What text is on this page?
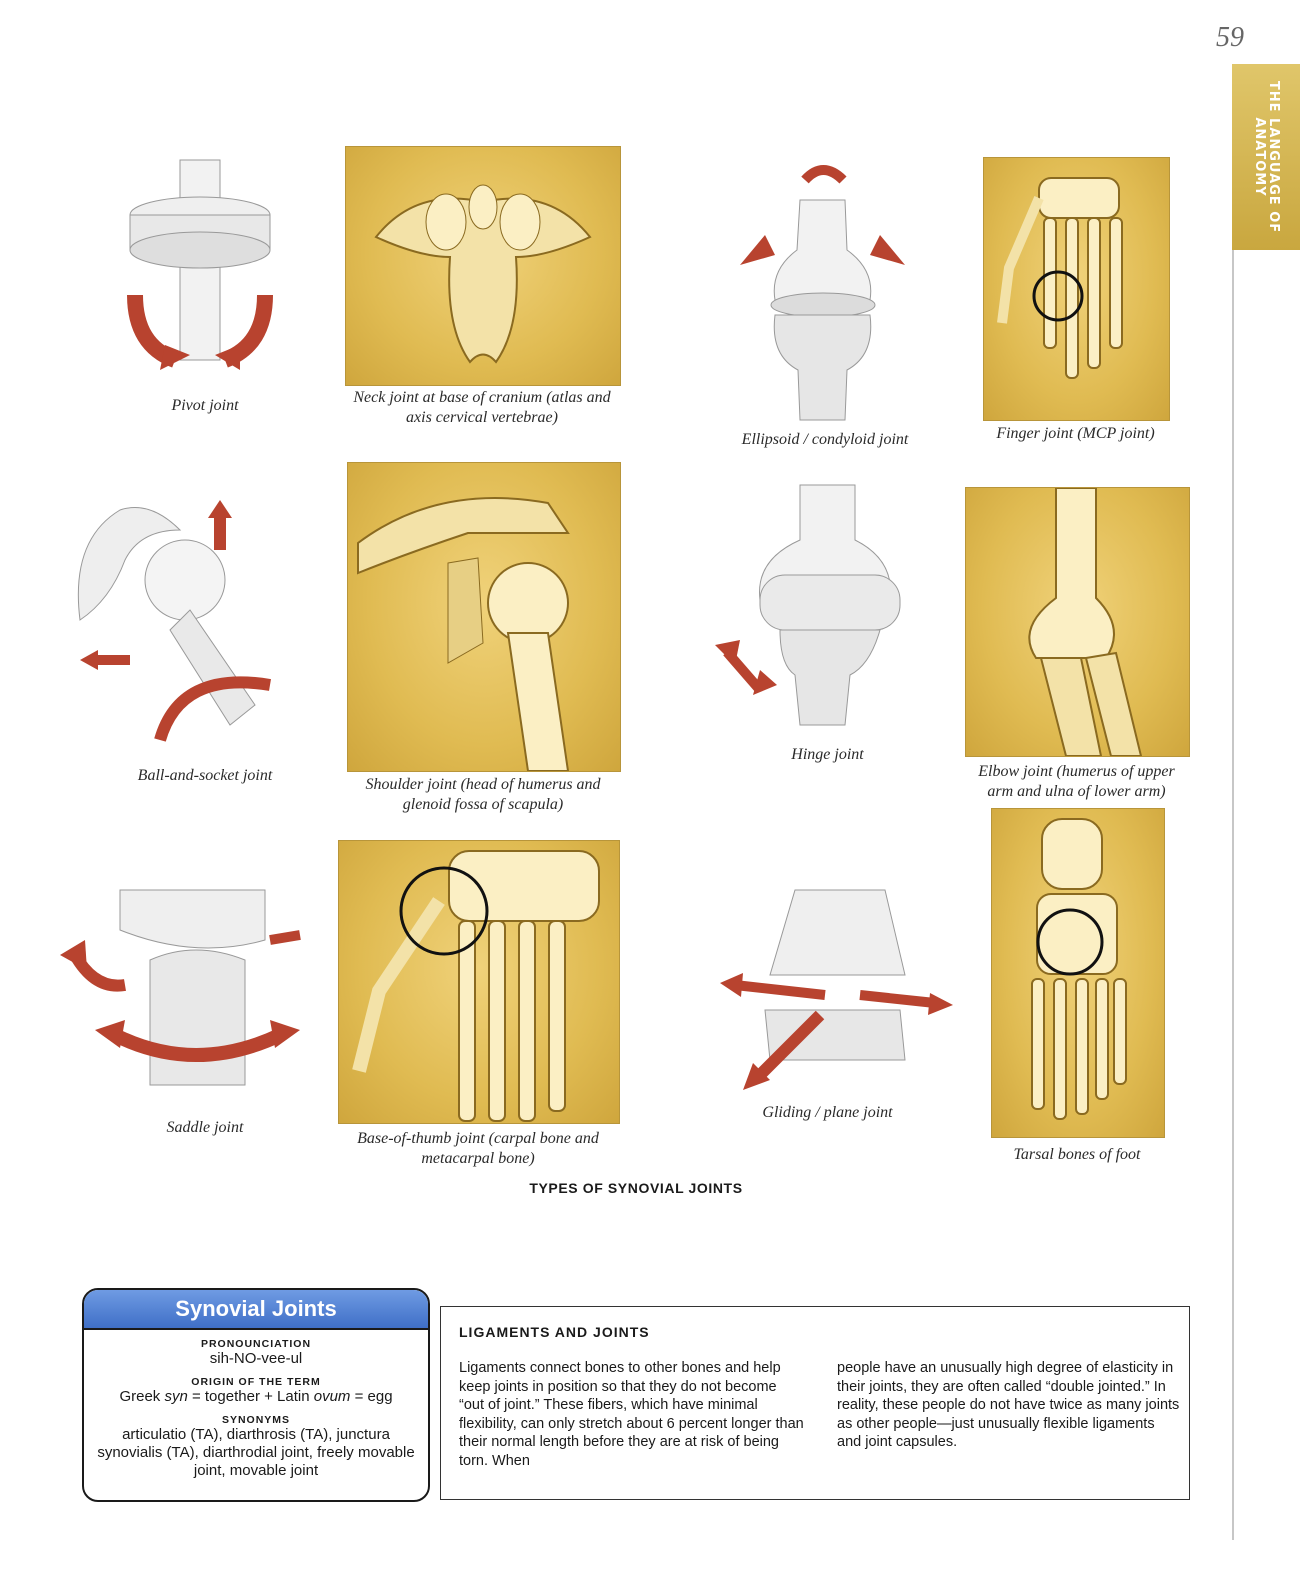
59
THE LANGUAGE OF ANATOMY
Pivot joint	Neck joint at base of cranium (atlas and axis cervical vertebrae)
Ellipsoid / condyloid joint	Finger joint (MCP joint)
Ball-and-socket joint
Shoulder joint (head of humerus and glenoid fossa of scapula)
Hinge joint
Elbow joint (humerus of upper arm and ulna of lower arm)
Saddle joint
Base-of-thumb joint (carpal bone and metacarpal bone)
Gliding / plane joint
Tarsal bones of foot
TYPES OF SYNOVIAL JOINTS
Synovial Joints
PRONOUNCIATION
sih-NO-vee-ul
ORIGIN OF THE TERM
Greek syn = together + Latin ovum = egg
SYNONYMS
articulatio (TA), diarthrosis (TA), junctura synovialis (TA), diarthrodial joint, freely movable joint, movable joint
LIGAMENTS AND JOINTS
Ligaments connect bones to other bones and help keep joints in position so that they do not become “out of joint.” These fibers, which have minimal flexibility, can only stretch about 6 percent longer than their normal length before they are at risk of being torn. When
people have an unusually high degree of elasticity in their joints, they are often called “double jointed.” In reality, these people do not have twice as many joints as other people—just unusually flexible ligaments and joint capsules.
